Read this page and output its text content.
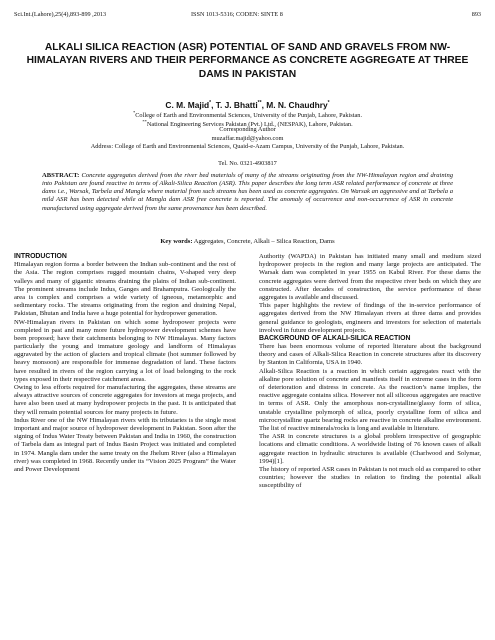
Sci.Int.(Lahore),25(4),893-899 ,2013	ISSN 1013-5316; CODEN: SINTE 8	893
ALKALI SILICA REACTION (ASR) POTENTIAL OF SAND AND GRAVELS FROM NW-HIMALAYAN RIVERS AND THEIR PERFORMANCE AS CONCRETE AGGREGATE AT THREE DAMS IN PAKISTAN
C. M. Majid*, T. J. Bhatti**, M. N. Chaudhry*
*College of Earth and Environmental Sciences, University of the Punjab, Lahore, Pakistan.
**National Engineering Services Pakistan (Pvt.) Ltd., (NESPAK), Lahore, Pakistan.
Corresponding Author
muzaffar.majid@yahoo.com
Address: College of Earth and Environmental Sciences, Quaid-e-Azam Campus, University of the Punjab, Lahore, Pakistan.
Tel. No. 0321-4903817
ABSTRACT: Concrete aggregates derived from the river bed materials of many of the streams originating from the NW-Himalayan region and draining into Pakistan are found reactive in terms of Alkali-Silica Reaction (ASR). This paper describes the long term ASR related performance of concrete at three dams i.e., Warsak, Tarbela and Mangla where material from such streams has been used as concrete aggregates. On Warsak an aggressive and at Tarbela a mild ASR has been detected while at Mangla dam ASR free concrete is reported. The anomaly of occurrence and non-occurrence of ASR in concrete manufactured using aggregate derived from the same provenance has been described.
Key words: Aggregates, Concrete, Alkali – Silica Reaction, Dams

INTRODUCTION

Himalayan region forms a border between the Indian sub-continent and the rest of the Asia. The region comprises rugged mountain chains, V-shaped very deep valleys and many of gigantic streams draining the plains of Indian sub-continent. The prominent streams include Indus, Ganges and Brahamputra. Geologically the area is complex and comprises a wide variety of igneous, metamorphic and sedimentary rocks. The streams originating from the region and draining Nepal, Pakistan, Bhutan and India have a huge potential for hydropower generation.

NW-Himalayan rivers in Pakistan on which some hydropower projects were completed in past and many more future hydropower development schemes have been proposed; have their catchments belonging to NW Himalayas. Many factors particularly the young and immature geology and landform of Himalayas aggravated by the action of glaciers and tropical climate (hot summer followed by heavy monsoon) are responsible for immense degradation of land. These factors have resulted in rivers of the region carrying a lot of load belonging to the rock types exposed in their respective catchment areas.

Owing to less efforts required for manufacturing the aggregates, these streams are always attractive sources of concrete aggregates for investors at mega projects, and have also been used at many hydropower projects in the past. It is anticipated that they will remain potential sources for many projects in future.

Indus River one of the NW Himalayan rivers with its tributaries is the single most important and major source of hydropower development in Pakistan. Soon after the signing of Indus Water Treaty between Pakistan and India in 1960, the construction of Tarbela dam as integral part of Indus Basin Project was initiated and completed in 1974. Mangla dam under the same treaty on the Jhelum River (also a Himalayan river) was completed in 1968. Recently under its “Vision 2025 Program” the Water and Power Development

Authority (WAPDA) in Pakistan has initiated many small and medium sized hydropower projects in the region and many large projects are anticipated. The Warsak dam was completed in year 1955 on Kabul River. For these dams the concrete aggregates were derived from the respective river beds on which they are constructed. After decades of construction, the service performance of these aggregates is available and discussed.

This paper highlights the review of findings of the in-service performance of aggregates derived from the NW Himalayan rivers at three dams and provides general guidance to geologists, engineers and investors for selection of materials involved in future development projects.

BACKGROUND OF ALKALI-SILICA REACTION

There has been enormous volume of reported literature about the background theory and cases of Alkali-Silica Reaction in concrete structures after its discovery by Stanton in California, USA in 1940.

Alkali-Silica Reaction is a reaction in which certain aggregates react with the alkaline pore solution of concrete and manifests itself in extreme cases in the form of deterioration and distress in concrete. As the reaction’s name implies, the reactive aggregate contains silica. However not all siliceous aggregates are reactive in terms of ASR. Only the amorphous non-crystalline/glassy form of silica, unstable crystalline polymorph of silica, poorly crystalline form of silica and microcrystalline quartz bearing rocks are reactive in concrete alkaline environment. The list of reactive minerals/rocks is long and available in literature.

The ASR in concrete structures is a global problem irrespective of geographic locations and climatic conditions. A worldwide listing of 76 known cases of alkali aggregate reaction in hydraulic structures is available (Charlwood and Solymar, 1994)[1].

The history of reported ASR cases in Pakistan is not much old as compared to other countries; however the studies in relation to finding the potential alkali susceptibility of
